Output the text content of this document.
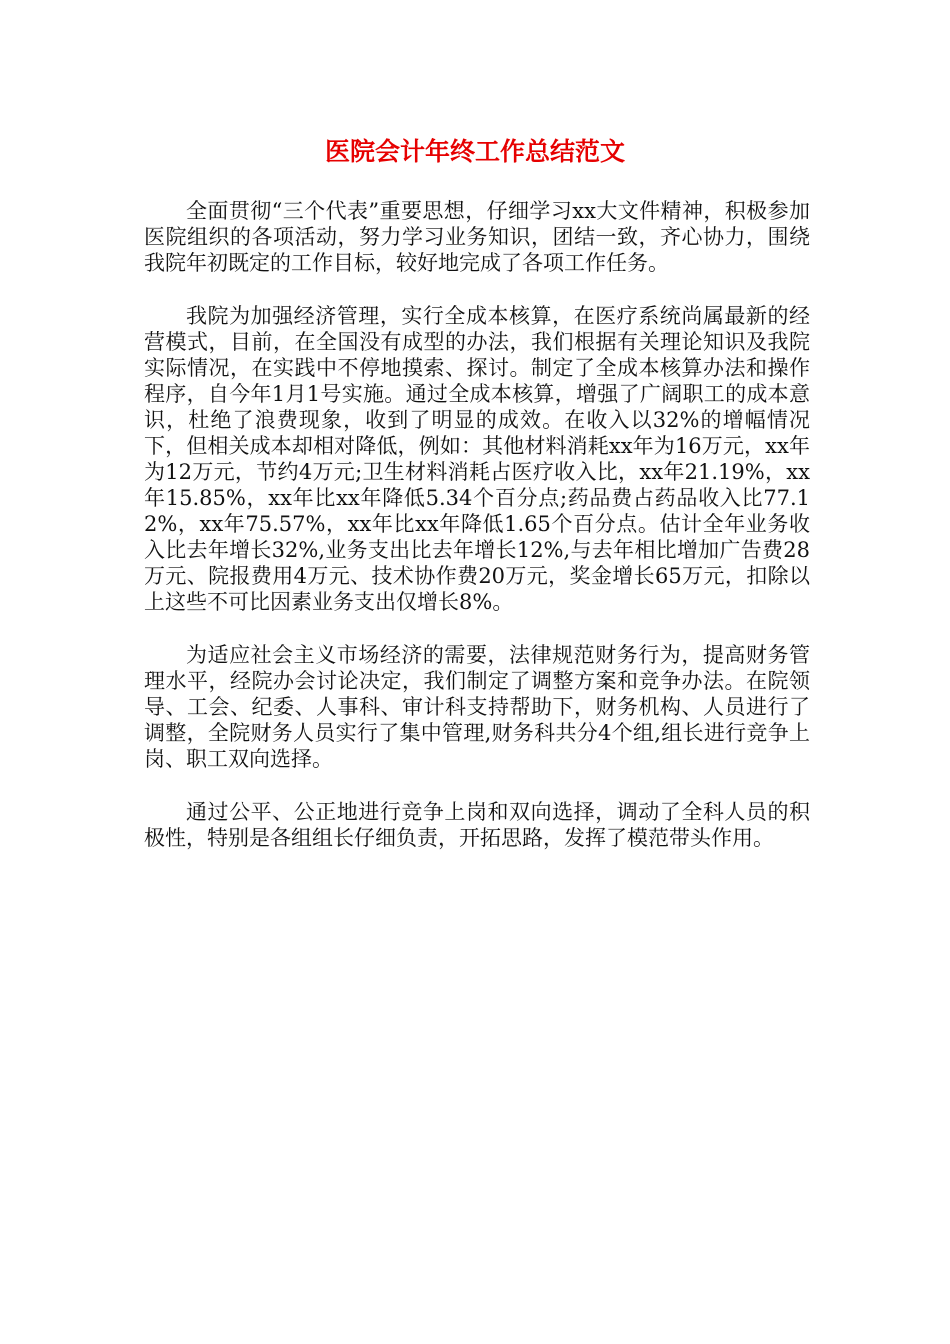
医院会计年终工作总结范文

全面贯彻“三个代表”重要思想，仔细学习xx大文件精神，积极参加医院组织的各项活动，努力学习业务知识，团结一致，齐心协力，围绕我院年初既定的工作目标，较好地完成了各项工作任务。

我院为加强经济管理，实行全成本核算，在医疗系统尚属最新的经营模式，目前，在全国没有成型的办法，我们根据有关理论知识及我院实际情况，在实践中不停地摸索、探讨。制定了全成本核算办法和操作程序，自今年1月1号实施。通过全成本核算，增强了广阔职工的成本意识，杜绝了浪费现象，收到了明显的成效。在收入以32%的增幅情况下，但相关成本却相对降低，例如：其他材料消耗xx年为16万元，xx年为12万元，节约4万元;卫生材料消耗占医疗收入比，xx年21.19%，xx年15.85%，xx年比xx年降低5.34个百分点;药品费占药品收入比77.12%，xx年75.57%，xx年比xx年降低1.65个百分点。估计全年业务收入比去年增长32%,业务支出比去年增长12%,与去年相比增加广告费28万元、院报费用4万元、技术协作费20万元，奖金增长65万元，扣除以上这些不可比因素业务支出仅增长8%。

为适应社会主义市场经济的需要，法律规范财务行为，提高财务管理水平，经院办会讨论决定，我们制定了调整方案和竞争办法。在院领导、工会、纪委、人事科、审计科支持帮助下，财务机构、人员进行了调整，全院财务人员实行了集中管理,财务科共分4个组,组长进行竞争上岗、职工双向选择。

通过公平、公正地进行竞争上岗和双向选择，调动了全科人员的积极性，特别是各组组长仔细负责，开拓思路，发挥了模范带头作用。
